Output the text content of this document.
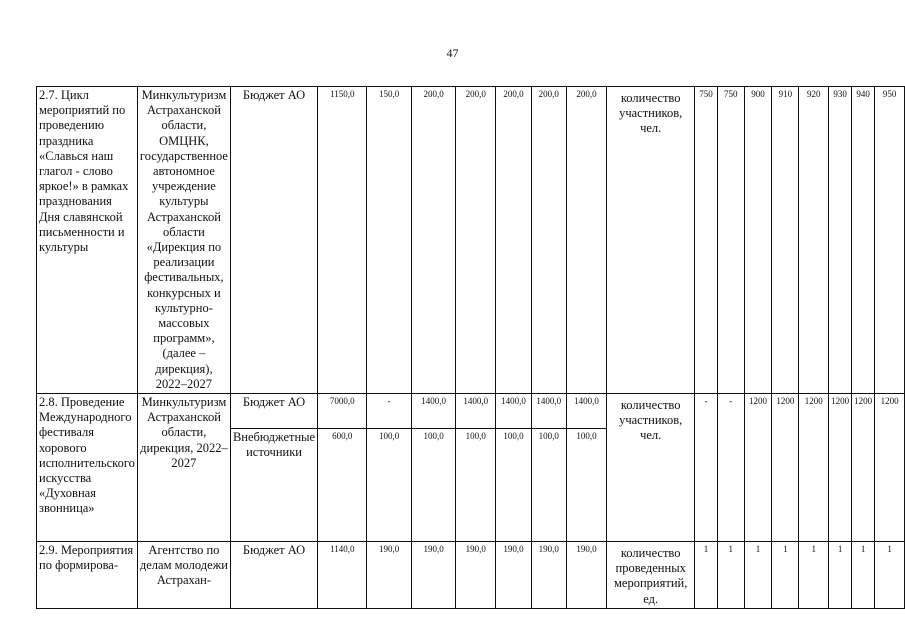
47
2.7. Цикл мероприятий по проведению праздника «Славься наш глагол - слово яркое!» в рамках празднования Дня славянской письменности и культуры	Минкультуризм Астраханской области, ОМЦНК, государственное автономное учреждение культуры Астраханской области «Дирекция по реализации фестивальных, конкурсных и культурно-массовых программ», (далее – дирекция), 2022–2027	Бюджет АО	1150,0	150,0	200,0	200,0	200,0	200,0	200,0	количество участников, чел.	750	750	900	910	920	930	940	950
2.8. Проведение Международного фестиваля хорового исполнительского искусства «Духовная звонница»	Минкультуризм Астраханской области, дирекция, 2022–2027	Бюджет АО	7000,0	-	1400,0	1400,0	1400,0	1400,0	1400,0	количество участников, чел.	-	-	1200	1200	1200	1200	1200	1200
		Внебюджетные источники	600,0	100,0	100,0	100,0	100,0	100,0	100,0									
2.9. Мероприятия по формирова-	Агентство по делам молодежи Астрахан-	Бюджет АО	1140,0	190,0	190,0	190,0	190,0	190,0	190,0	количество проведенных мероприятий, ед.	1	1	1	1	1	1	1	1
